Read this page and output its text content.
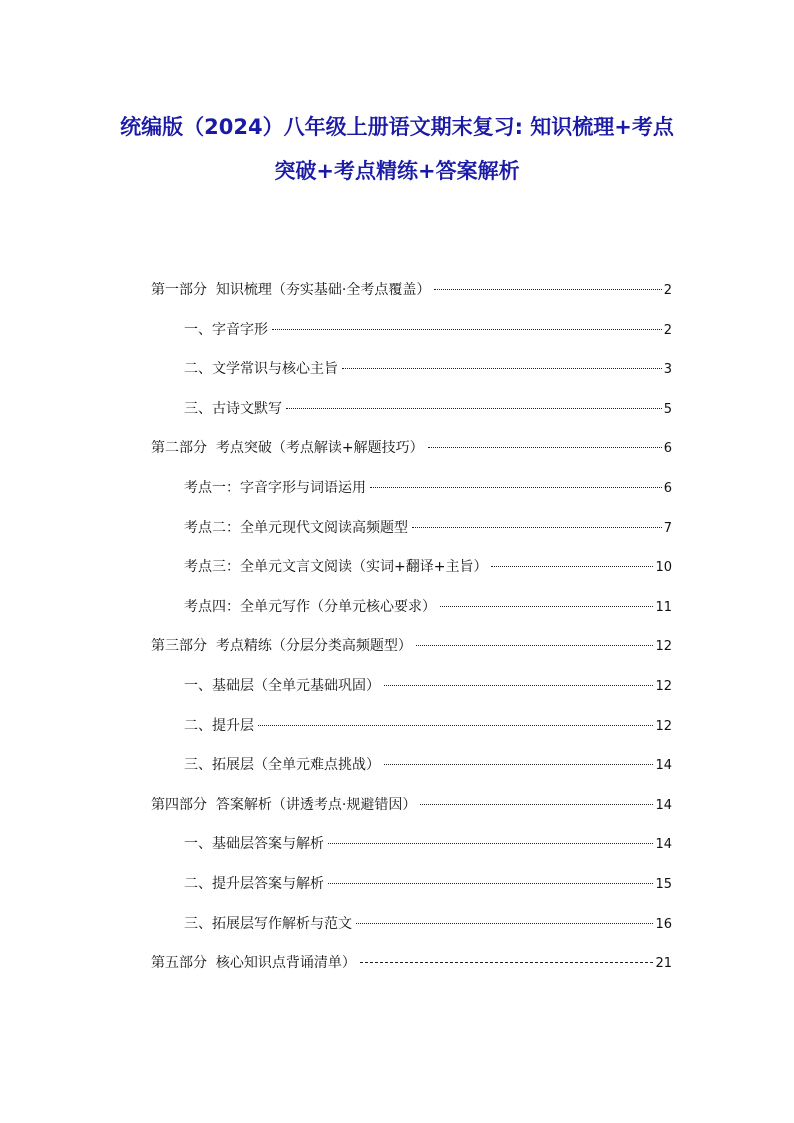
统编版（2024）八年级上册语文期末复习: 知识梳理+考点
突破+考点精练+答案解析
第一部分  知识梳理（夯实基础·全考点覆盖）	2
一、字音字形	2
二、文学常识与核心主旨	3
三、古诗文默写	5
第二部分  考点突破（考点解读+解题技巧）	6
考点一：字音字形与词语运用	6
考点二：全单元现代文阅读高频题型	7
考点三：全单元文言文阅读（实词+翻译+主旨）	10
考点四：全单元写作（分单元核心要求）	11
第三部分  考点精练（分层分类高频题型）	12
一、基础层（全单元基础巩固）	12
二、提升层	12
三、拓展层（全单元难点挑战）	14
第四部分  答案解析（讲透考点·规避错因）	14
一、基础层答案与解析	14
二、提升层答案与解析	15
三、拓展层写作解析与范文	16
第五部分  核心知识点背诵清单）	21
